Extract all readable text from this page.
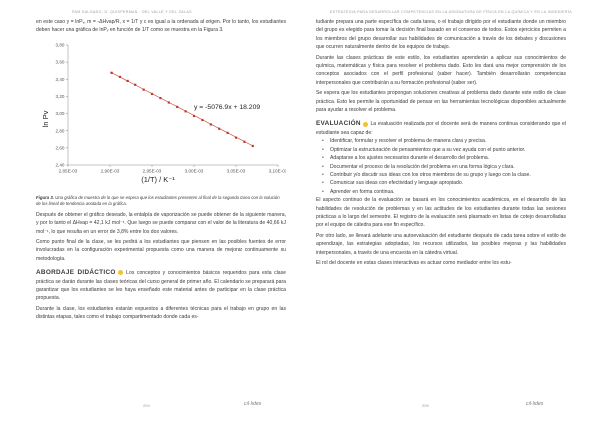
PAM SALGADO, D. QUISPERMAN · DEL VALLE Y DEL SALAS	ESTRATEGIA PARA DESARROLLAR COMPETENCIAS EN LA ASIGNATURA DE FÍSICA EN LA QUÍMICA Y EN LA INGENIERÍA

en este caso y = lnPᵥ, m = -ΔHvap/R, x = 1/T y c es igual a la ordenada al origen. Por lo tanto, los estudiantes deben hacer una gráfica de lnPᵥ en función de 1/T como se muestra en la Figura 3.

2,40
2,60
2,80
3,00
3,20
3,40
3,60
3,80
2,85E-03	2,90E-03	2,95E-03	3,00E-03	3,05E-03	3,10E-03
y = -5076.9x + 18.209
ln Pv
(1/T) / K⁻¹

Figura 3. Una gráfica de muestra de lo que se espera que los estudiantes presenten al final de la segunda tarea con la solución de los lineal de tendencia anotada en la gráfica.

Después de obtener el gráfico deseado, la entalpía de vaporización se puede obtener de la siguiente manera, y por lo tanto el ΔHvap = 42,1 kJ mol⁻¹. Que luego se puede comparar con el valor de la literatura de 40,66 kJ mol⁻¹, lo que resulta en un error de 3,8% entre los dos valores.

Como punto final de la clase, se les pedirá a los estudiantes que piensen en las posibles fuentes de error involucradas en la configuración experimental propuesta como una manera de mejorar continuamente su metodología.

ABORDAJE DIDÁCTICO Los conceptos y conocimientos básicos requeridos para esta clase práctica se darán durante las clases teóricas del curso general de primer año. El calendario se preparará para garantizar que los estudiantes se les haya enseñado este material antes de participar en la clase práctica propuesta.

Durante la clase, los estudiantes estarán expuestos a diferentes técnicas para el trabajo en grupo en las distintas etapas, tales como el trabajo compartimentado donde cada es-

tudiante prepara una parte específica de cada tarea, o el trabajo dirigido por el estudiante donde un miembro del grupo es elegido para tomar la decisión final basado en el consenso de todos. Estos ejercicios permiten a los miembros del grupo desarrollar sus habilidades de comunicación a través de los debates y discusiones que ocurren naturalmente dentro de los equipos de trabajo.

Durante las clases prácticas de este estilo, los estudiantes aprenderán a aplicar sus conocimientos de química, matemáticas y física para resolver el problema dado. Esto les dará una mejor comprensión de los conceptos asociados con el perfil profesional (saber hacer). También desarrollarán competencias interpersonales que contribuirán a su formación profesional (saber ser).

Se espera que los estudiantes propongan soluciones creativas al problema dado durante este estilo de clase práctica. Esto les permite la oportunidad de pensar en las herramientas tecnológicas disponibles actualmente para ayudar a resolver el problema.

EVALUACIÓN La evaluación realizada por el docente será de manera continua considerando que el estudiante sea capaz de:

• Identificar, formular y resolver el problema de manera clara y precisa.
• Optimizar la estructuración de pensamientos que a su vez ayuda con el punto anterior.
• Adaptarse a los ajustes necesarios durante el desarrollo del problema.
• Documentar el proceso de la resolución del problema en una forma lógica y clara.
• Contribuir y/o discutir sus ideas con los otros miembros de su grupo y luego con la clase.
• Comunicar sus ideas con efectividad y lenguaje apropiado.
• Aprender en forma continua.

El aspecto continuo de la evaluación se basará en los conocimientos académicos, en el desarrollo de las habilidades de resolución de problemas y en las actitudes de los estudiantes durante todas las sesiones prácticas a lo largo del semestre. El registro de la evaluación será plasmado en listas de cotejo desarrolladas por el equipo de cátedra para ese fin específico.

Por otro lado, se llevará adelante una autoevaluación del estudiante después de cada tarea sobre el estilo de aprendizaje, las estrategias adoptadas, los recursos utilizados, las posibles mejoras y las habilidades interpersonales, a través de una encuesta en la cátedra virtual.

El rol del docente en estas clases interactivas es actuar como mediador entre los estu-

204	cıl·lıdes	205	cıl·lıdes
